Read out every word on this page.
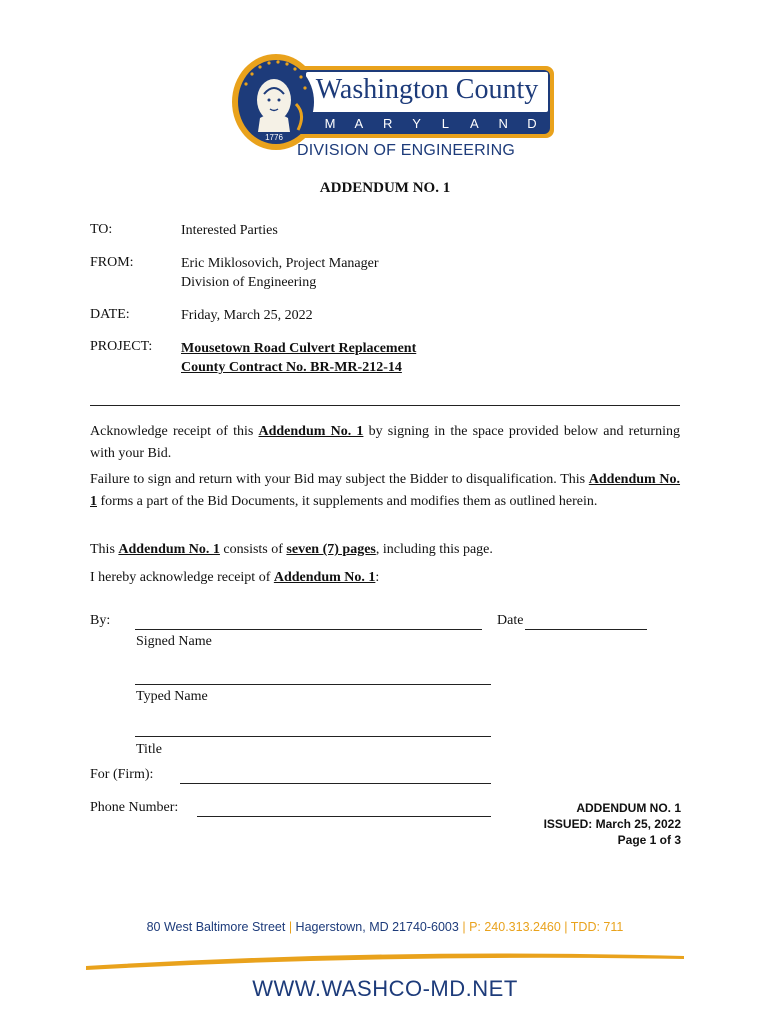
1776
Washington County
M A R Y L A N D
DIVISION OF ENGINEERING
ADDENDUM NO. 1
TO:	Interested Parties
FROM:	Eric Miklosovich, Project Manager
Division of Engineering
DATE:	Friday, March 25, 2022
PROJECT: Mousetown Road Culvert Replacement
County Contract No. BR-MR-212-14
Acknowledge receipt of this Addendum No. 1 by signing in the space provided below and returning with your Bid.
Failure to sign and return with your Bid may subject the Bidder to disqualification. This Addendum No. 1 forms a part of the Bid Documents, it supplements and modifies them as outlined herein.
This Addendum No. 1 consists of seven (7) pages, including this page.
I hereby acknowledge receipt of Addendum No. 1:
By:	Date
Signed Name
Typed Name
Title
For (Firm):
Phone Number:	ADDENDUM NO. 1
ISSUED: March 25, 2022
Page 1 of 3
80 West Baltimore Street | Hagerstown, MD 21740-6003 | P: 240.313.2460 | TDD: 711
WWW.WASHCO-MD.NET
